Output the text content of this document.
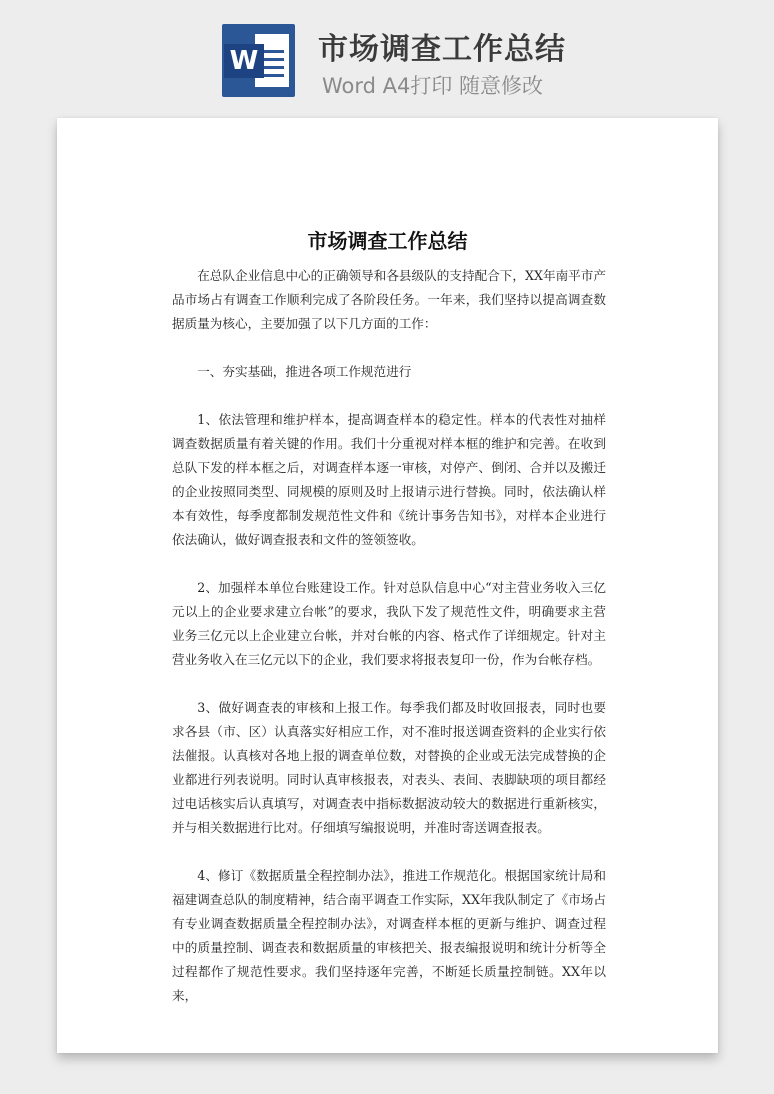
W 市场调查工作总结
Word A4打印 随意修改
市场调查工作总结

在总队企业信息中心的正确领导和各县级队的支持配合下，XX年南平市产品市场占有调查工作顺利完成了各阶段任务。一年来，我们坚持以提高调查数据质量为核心，主要加强了以下几方面的工作：

一、夯实基础，推进各项工作规范进行

1、依法管理和维护样本，提高调查样本的稳定性。样本的代表性对抽样调查数据质量有着关键的作用。我们十分重视对样本框的维护和完善。在收到总队下发的样本框之后，对调查样本逐一审核，对停产、倒闭、合并以及搬迁的企业按照同类型、同规模的原则及时上报请示进行替换。同时，依法确认样本有效性，每季度都制发规范性文件和《统计事务告知书》，对样本企业进行依法确认，做好调查报表和文件的签领签收。

2、加强样本单位台账建设工作。针对总队信息中心“对主营业务收入三亿元以上的企业要求建立台帐”的要求，我队下发了规范性文件，明确要求主营业务三亿元以上企业建立台帐，并对台帐的内容、格式作了详细规定。针对主营业务收入在三亿元以下的企业，我们要求将报表复印一份，作为台帐存档。

3、做好调查表的审核和上报工作。每季我们都及时收回报表，同时也要求各县（市、区）认真落实好相应工作，对不准时报送调查资料的企业实行依法催报。认真核对各地上报的调查单位数，对替换的企业或无法完成替换的企业都进行列表说明。同时认真审核报表，对表头、表间、表脚缺项的项目都经过电话核实后认真填写，对调查表中指标数据波动较大的数据进行重新核实，并与相关数据进行比对。仔细填写编报说明，并准时寄送调查报表。

4、修订《数据质量全程控制办法》，推进工作规范化。根据国家统计局和福建调查总队的制度精神，结合南平调查工作实际，XX年我队制定了《市场占有专业调查数据质量全程控制办法》，对调查样本框的更新与维护、调查过程中的质量控制、调查表和数据质量的审核把关、报表编报说明和统计分析等全过程都作了规范性要求。我们坚持逐年完善，不断延长质量控制链。XX年以来，
